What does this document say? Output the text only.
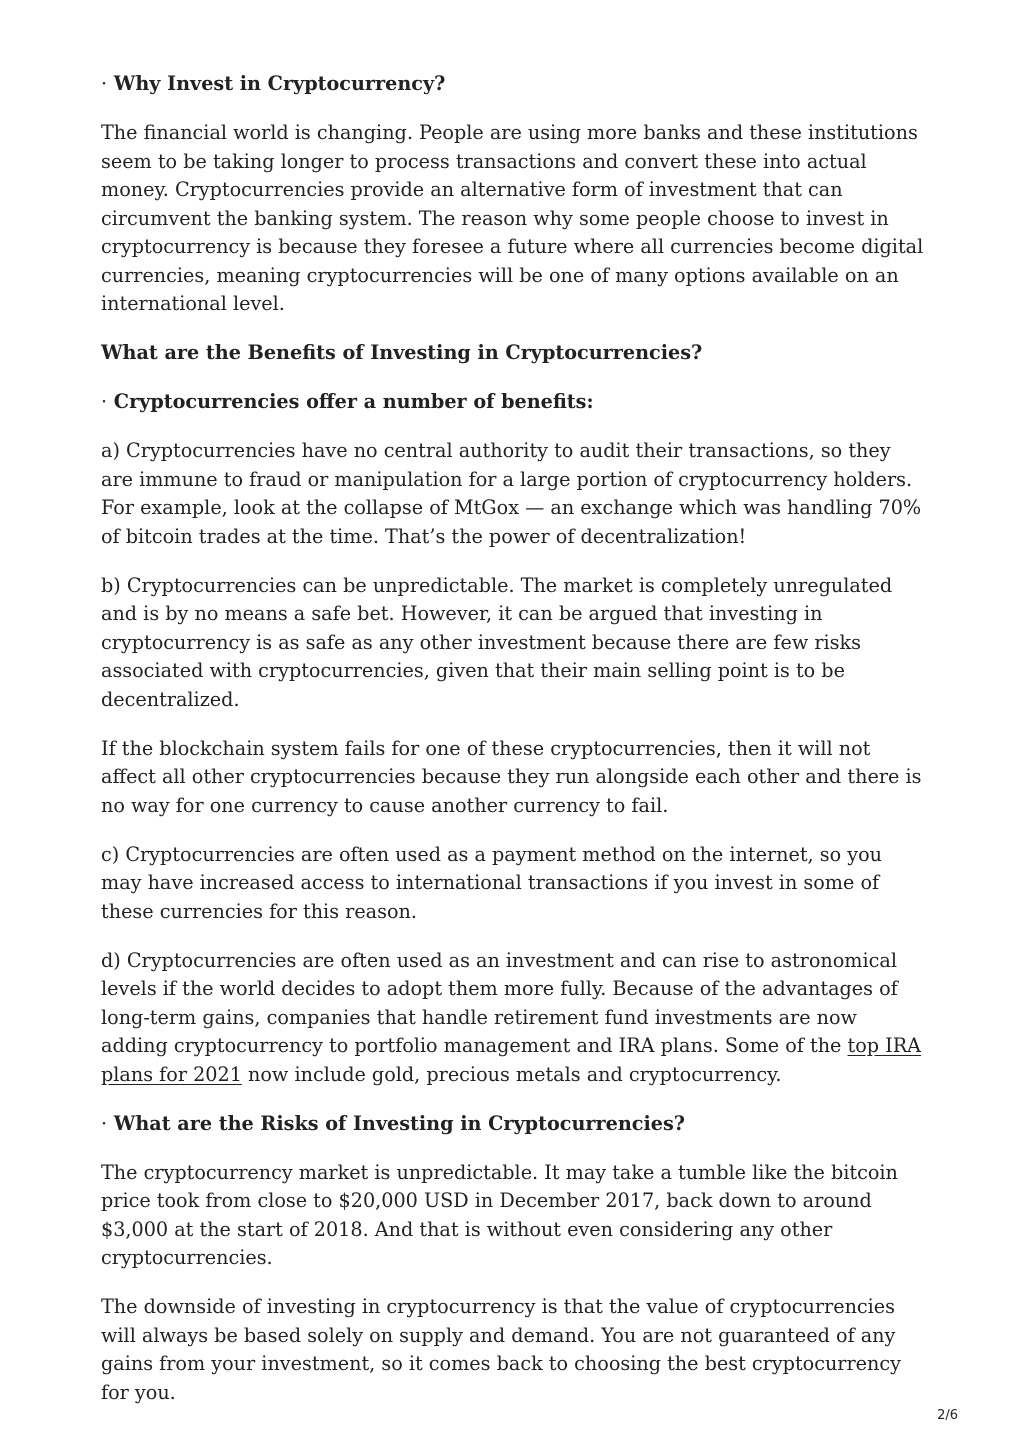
· Why Invest in Cryptocurrency?

The financial world is changing. People are using more banks and these institutions seem to be taking longer to process transactions and convert these into actual money. Cryptocurrencies provide an alternative form of investment that can circumvent the banking system. The reason why some people choose to invest in cryptocurrency is because they foresee a future where all currencies become digital currencies, meaning cryptocurrencies will be one of many options available on an international level.

What are the Benefits of Investing in Cryptocurrencies?
· Cryptocurrencies offer a number of benefits:

a) Cryptocurrencies have no central authority to audit their transactions, so they are immune to fraud or manipulation for a large portion of cryptocurrency holders. For example, look at the collapse of MtGox — an exchange which was handling 70% of bitcoin trades at the time. That’s the power of decentralization!

b) Cryptocurrencies can be unpredictable. The market is completely unregulated and is by no means a safe bet. However, it can be argued that investing in cryptocurrency is as safe as any other investment because there are few risks associated with cryptocurrencies, given that their main selling point is to be decentralized.

If the blockchain system fails for one of these cryptocurrencies, then it will not affect all other cryptocurrencies because they run alongside each other and there is no way for one currency to cause another currency to fail.

c) Cryptocurrencies are often used as a payment method on the internet, so you may have increased access to international transactions if you invest in some of these currencies for this reason.

d) Cryptocurrencies are often used as an investment and can rise to astronomical levels if the world decides to adopt them more fully. Because of the advantages of long-term gains, companies that handle retirement fund investments are now adding cryptocurrency to portfolio management and IRA plans. Some of the top IRA plans for 2021 now include gold, precious metals and cryptocurrency.

· What are the Risks of Investing in Cryptocurrencies?

The cryptocurrency market is unpredictable. It may take a tumble like the bitcoin price took from close to $20,000 USD in December 2017, back down to around $3,000 at the start of 2018. And that is without even considering any other cryptocurrencies.

The downside of investing in cryptocurrency is that the value of cryptocurrencies will always be based solely on supply and demand. You are not guaranteed of any gains from your investment, so it comes back to choosing the best cryptocurrency for you.

2/6
